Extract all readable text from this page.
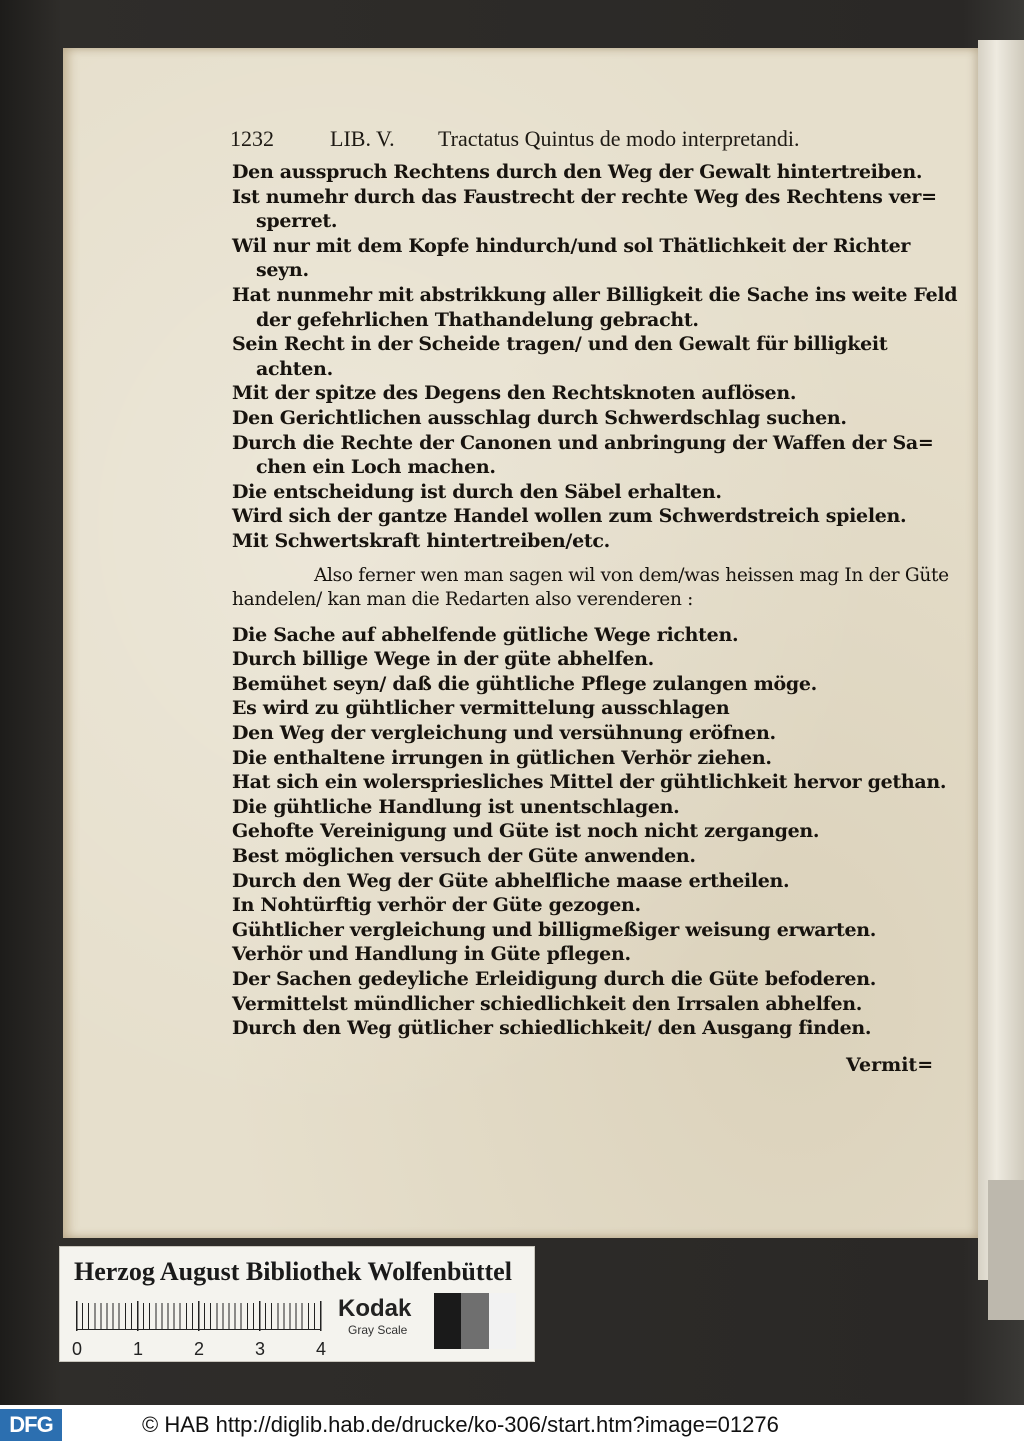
1232	LIB. V. Tractatus Quintus de modo interpretandi.
Den ausspruch Rechtens durch den Weg der Gewalt hintertreiben.
Ist numehr durch das Faustrecht der rechte Weg des Rechtens ver=
sperret.
Wil nur mit dem Kopfe hindurch/und sol Thätlichkeit der Richter
seyn.
Hat nunmehr mit abstrikkung aller Billigkeit die Sache ins weite Feld
der gefehrlichen Thathandelung gebracht.
Sein Recht in der Scheide tragen/ und den Gewalt für billigkeit
achten.
Mit der spitze des Degens den Rechtsknoten auflösen.
Den Gerichtlichen ausschlag durch Schwerdschlag suchen.
Durch die Rechte der Canonen und anbringung der Waffen der Sa=
chen ein Loch machen.
Die entscheidung ist durch den Säbel erhalten.
Wird sich der gantze Handel wollen zum Schwerdstreich spielen.
Mit Schwertskraft hintertreiben/etc.
Also ferner wen man sagen wil von dem/was heissen mag In der Güte
handelen/ kan man die Redarten also verenderen :
Die Sache auf abhelfende gütliche Wege richten.
Durch billige Wege in der güte abhelfen.
Bemühet seyn/ daß die gühtliche Pflege zulangen möge.
Es wird zu gühtlicher vermittelung ausschlagen
Den Weg der vergleichung und versühnung eröfnen.
Die enthaltene irrungen in gütlichen Verhör ziehen.
Hat sich ein wolerspriesliches Mittel der gühtlichkeit hervor gethan.
Die gühtliche Handlung ist unentschlagen.
Gehofte Vereinigung und Güte ist noch nicht zergangen.
Best möglichen versuch der Güte anwenden.
Durch den Weg der Güte abhelfliche maase ertheilen.
In Nohtürftig verhör der Güte gezogen.
Gühtlicher vergleichung und billigmeßiger weisung erwarten.
Verhör und Handlung in Güte pflegen.
Der Sachen gedeyliche Erleidigung durch die Güte befoderen.
Vermittelst mündlicher schiedlichkeit den Irrsalen abhelfen.
Durch den Weg gütlicher schiedlichkeit/ den Ausgang finden.
Vermit=
Herzog August Bibliothek Wolfenbüttel
0	1	2	3	4
Kodak
Gray Scale
DFG	© HAB http://diglib.hab.de/drucke/ko-306/start.htm?image=01276
